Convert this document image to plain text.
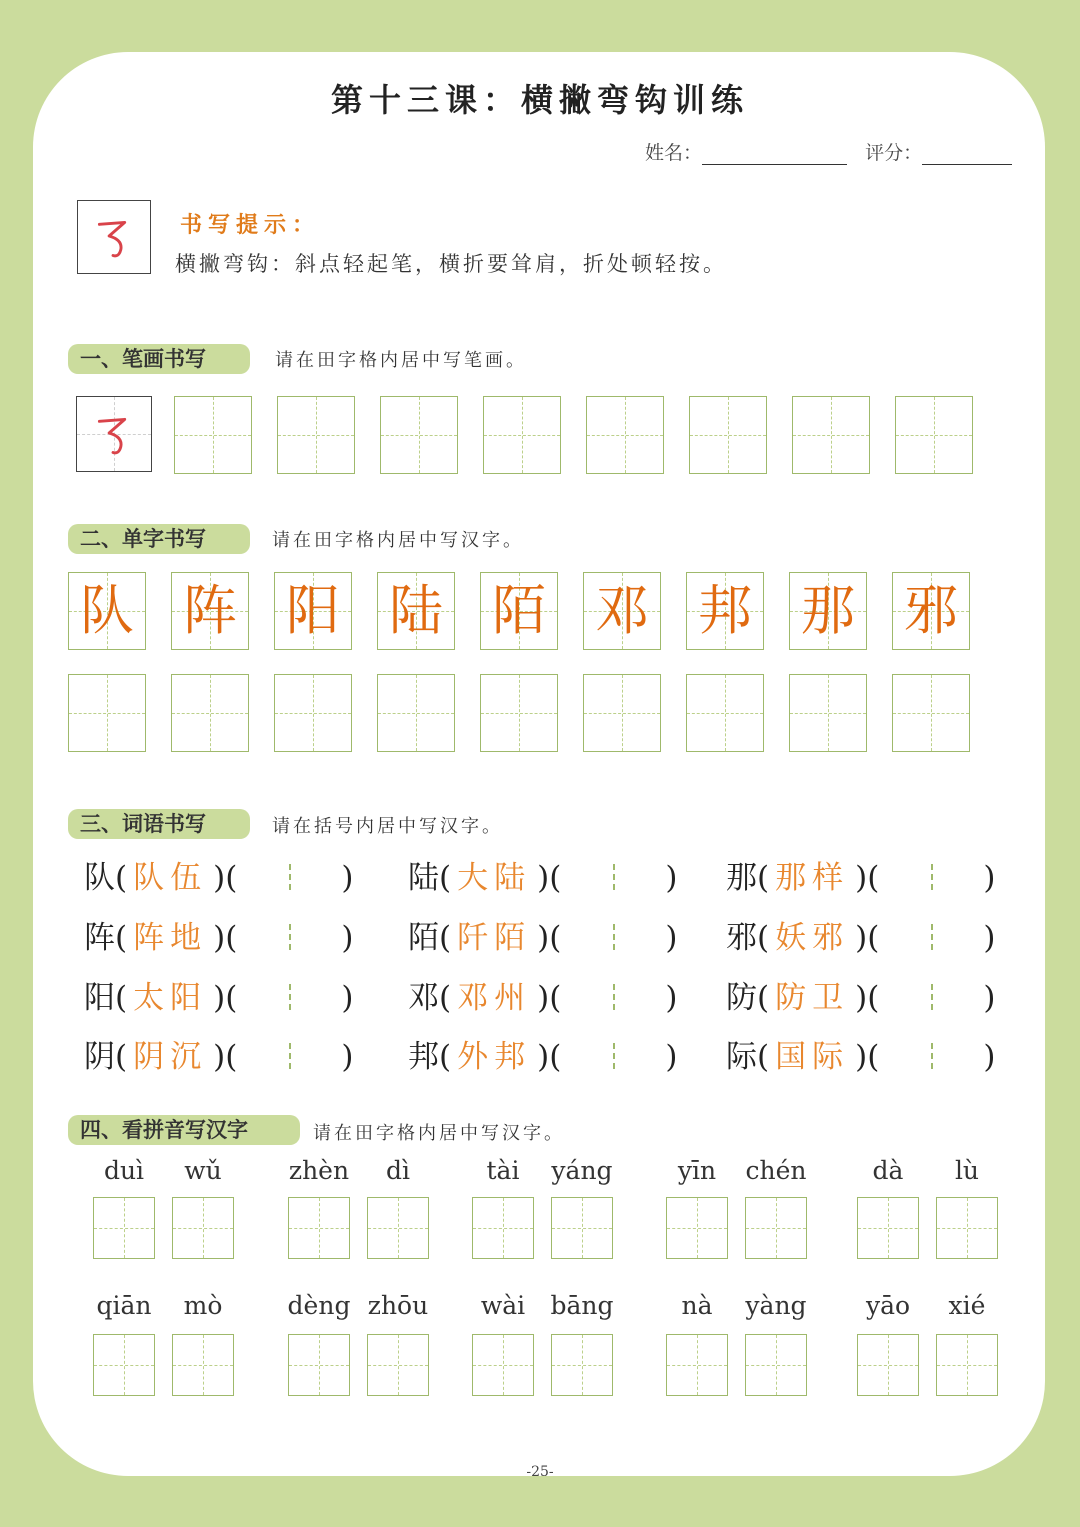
第十三课：横撇弯钩训练
姓名：	评分：
书写提示：
横撇弯钩：斜点轻起笔，横折要耸肩，折处顿轻按。
一、笔画书写	请在田字格内居中写笔画。
二、单字书写	请在田字格内居中写汉字。
三、词语书写	请在括号内居中写汉字。
四、看拼音写汉字	请在田字格内居中写汉字。
-25-
队 阵 阳 陆 陌 邓 邦 那 邪
队( 队伍 )(	) 陆( 大陆 )(	) 那( 那样 )(	)
阵( 阵地 )(	) 陌( 阡陌 )(	) 邪( 妖邪 )(	)
阳( 太阳 )(	) 邓( 邓州 )(	) 防( 防卫 )(	)
阴( 阴沉 )(	) 邦( 外邦 )(	) 际( 国际 )(	)
duì	wǔ	zhèn	dì	tài	yáng	yīn	chén	dà	lù
qiān	mò	dèng zhōu	wài	bāng	nà	yàng	yāo	xié
